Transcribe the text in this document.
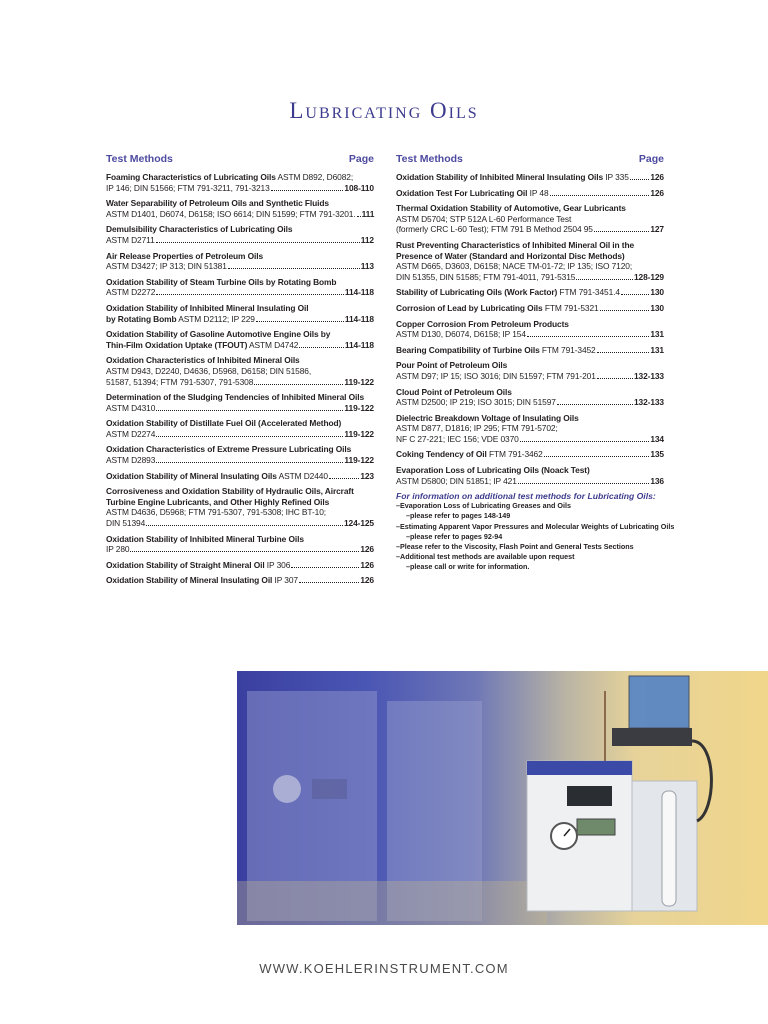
Lubricating Oils
Test Methods	Page
Foaming Characteristics of Lubricating Oils ASTM D892, D6082;
IP 146; DIN 51566; FTM 791-3211, 791-3213	108-110
Water Separability of Petroleum Oils and Synthetic Fluids
ASTM D1401, D6074, D6158; ISO 6614; DIN 51599; FTM 791-3201. 111
Demulsibility Characteristics of Lubricating Oils
ASTM D2711	112
Air Release Properties of Petroleum Oils
ASTM D3427; IP 313; DIN 51381	113
Oxidation Stability of Steam Turbine Oils by Rotating Bomb
ASTM D2272	114-118
Oxidation Stability of Inhibited Mineral Insulating Oil
by Rotating Bomb ASTM D2112; IP 229	114-118
Oxidation Stability of Gasoline Automotive Engine Oils by
Thin-Film Oxidation Uptake (TFOUT) ASTM D4742	114-118
Oxidation Characteristics of Inhibited Mineral Oils
ASTM D943, D2240, D4636, D5968, D6158; DIN 51586,
51587, 51394; FTM 791-5307, 791-5308	119-122
Determination of the Sludging Tendencies of Inhibited Mineral Oils
ASTM D4310	119-122
Oxidation Stability of Distillate Fuel Oil (Accelerated Method)
ASTM D2274	119-122
Oxidation Characteristics of Extreme Pressure Lubricating Oils
ASTM D2893	119-122
Oxidation Stability of Mineral Insulating Oils ASTM D2440	123
Corrosiveness and Oxidation Stability of Hydraulic Oils, Aircraft
Turbine Engine Lubricants, and Other Highly Refined Oils
ASTM D4636, D5968; FTM 791-5307, 791-5308; IHC BT-10;
DIN 51394	124-125
Oxidation Stability of Inhibited Mineral Turbine Oils
IP 280	126
Oxidation Stability of Straight Mineral Oil IP 306	126
Oxidation Stability of Mineral Insulating Oil IP 307	126
Test Methods	Page
Oxidation Stability of Inhibited Mineral Insulating Oils IP 335	126
Oxidation Test For Lubricating Oil IP 48	126
Thermal Oxidation Stability of Automotive, Gear Lubricants
ASTM D5704; STP 512A L-60 Performance Test
(formerly CRC L-60 Test); FTM 791 B Method 2504 95	127
Rust Preventing Characteristics of Inhibited Mineral Oil in the
Presence of Water (Standard and Horizontal Disc Methods)
ASTM D665, D3603, D6158; NACE TM-01-72; IP 135; ISO 7120;
DIN 51355, DIN 51585; FTM 791-4011, 791-5315	128-129
Stability of Lubricating Oils (Work Factor) FTM 791-3451.4	130
Corrosion of Lead by Lubricating Oils FTM 791-5321	130
Copper Corrosion From Petroleum Products
ASTM D130, D6074, D6158; IP 154	131
Bearing Compatibility of Turbine Oils FTM 791-3452	131
Pour Point of Petroleum Oils
ASTM D97; IP 15; ISO 3016; DIN 51597; FTM 791-201	132-133
Cloud Point of Petroleum Oils
ASTM D2500; IP 219; ISO 3015; DIN 51597	132-133
Dielectric Breakdown Voltage of Insulating Oils
ASTM D877, D1816; IP 295; FTM 791-5702;
NF C 27-221; IEC 156; VDE 0370	134
Coking Tendency of Oil FTM 791-3462	135
Evaporation Loss of Lubricating Oils (Noack Test)
ASTM D5800; DIN 51851; IP 421	136
For information on additional test methods for Lubricating Oils:
–Evaporation Loss of Lubricating Greases and Oils
–please refer to pages 148-149
–Estimating Apparent Vapor Pressures and Molecular Weights of Lubricating Oils
–please refer to pages 92-94
–Please refer to the Viscosity, Flash Point and General Tests Sections
–Additional test methods are available upon request
–please call or write for information.
WWW.KOEHLERINSTRUMENT.COM
